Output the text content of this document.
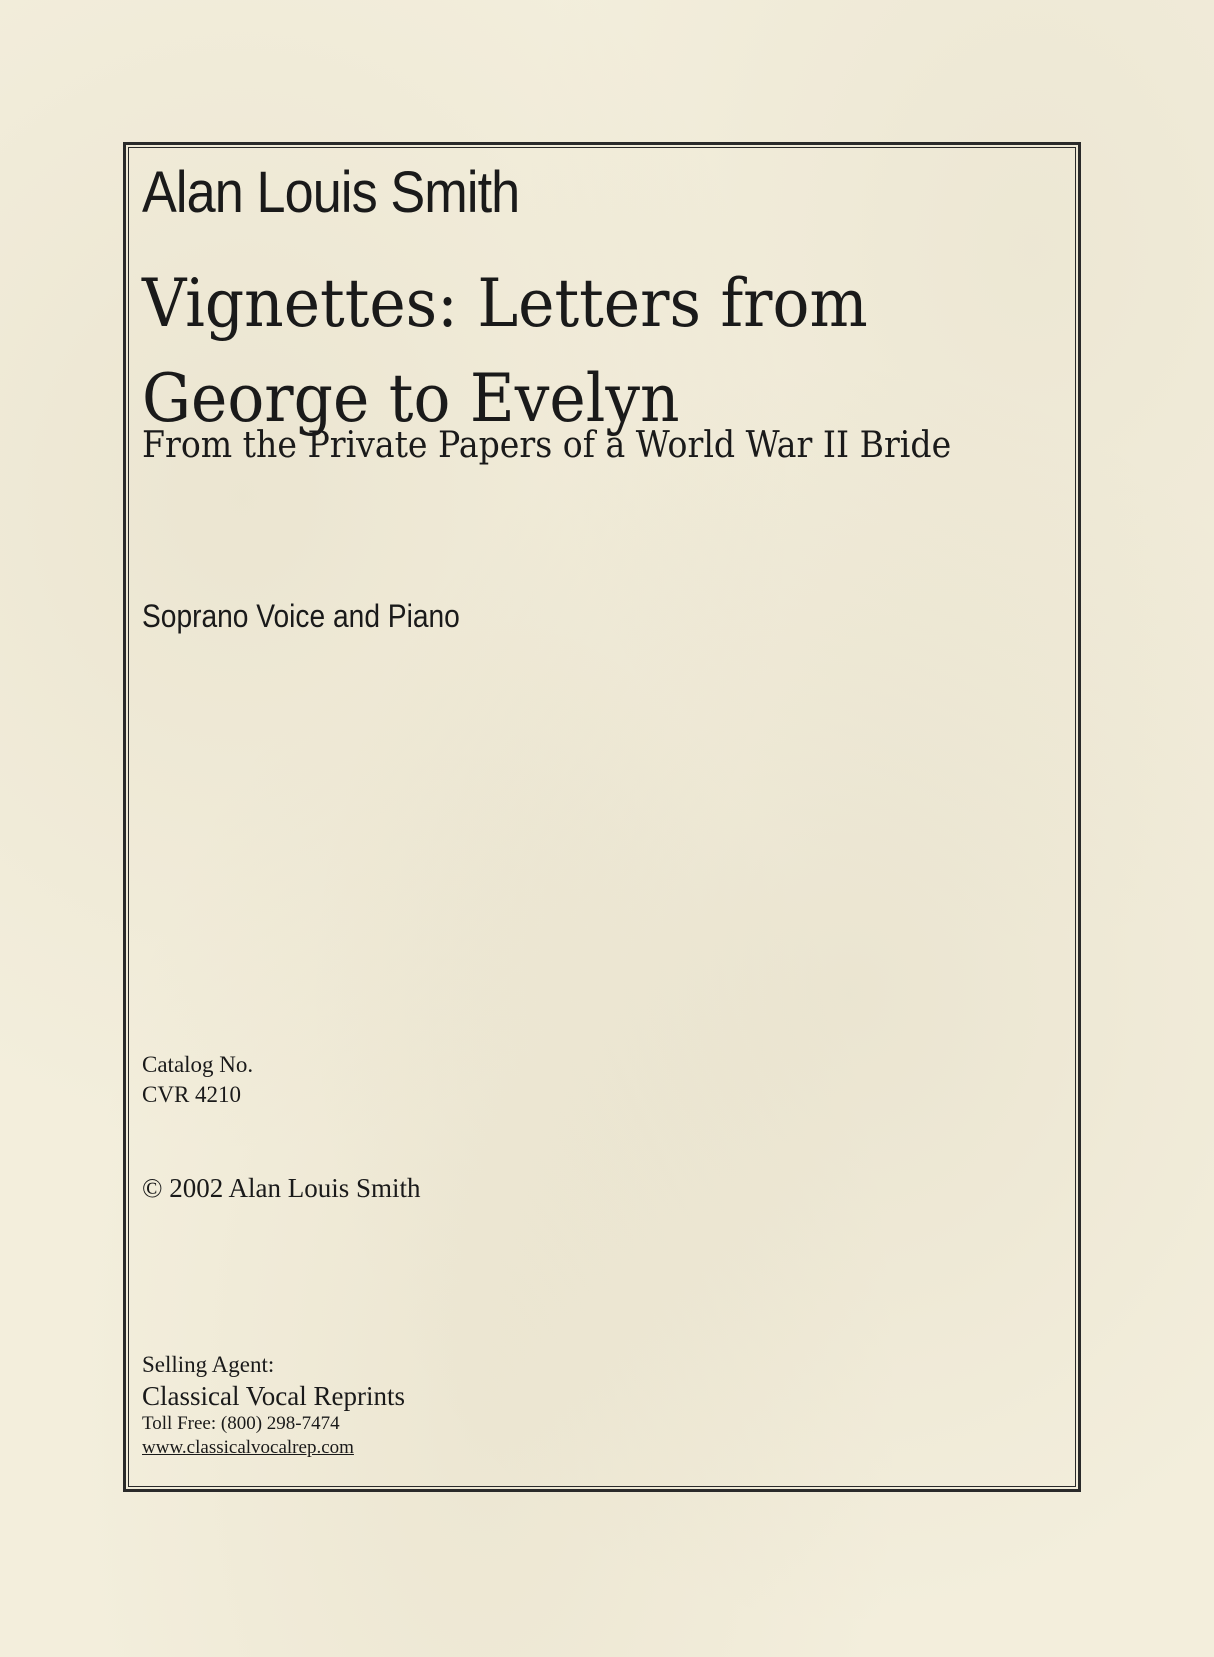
Alan Louis Smith
Vignettes: Letters from
George to Evelyn

From the Private Papers of a World War II Bride

Soprano Voice and Piano

Catalog No.
CVR 4210
© 2002 Alan Louis Smith
Selling Agent:
Classical Vocal Reprints
Toll Free: (800) 298-7474
www.classicalvocalrep.com
